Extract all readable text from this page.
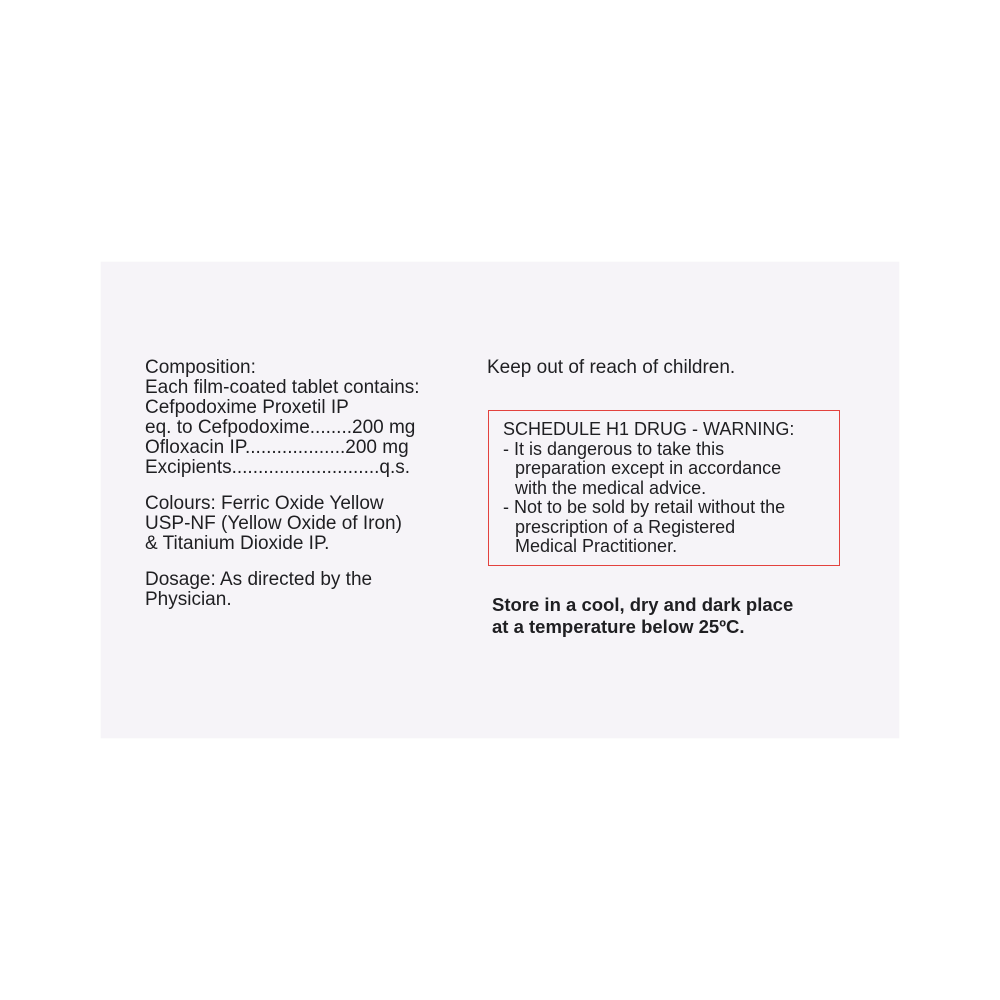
Composition:
Each film-coated tablet contains:
Cefpodoxime Proxetil IP
eq. to Cefpodoxime........200 mg
Ofloxacin IP...................200 mg
Excipients............................q.s.
Colours: Ferric Oxide Yellow
USP-NF (Yellow Oxide of Iron)
& Titanium Dioxide IP.
Dosage: As directed by the
Physician.
Keep out of reach of children.
SCHEDULE H1 DRUG - WARNING:
- It is dangerous to take this
preparation except in accordance
with the medical advice.
- Not to be sold by retail without the
prescription of a Registered
Medical Practitioner.
Store in a cool, dry and dark place
at a temperature below 25ºC.
